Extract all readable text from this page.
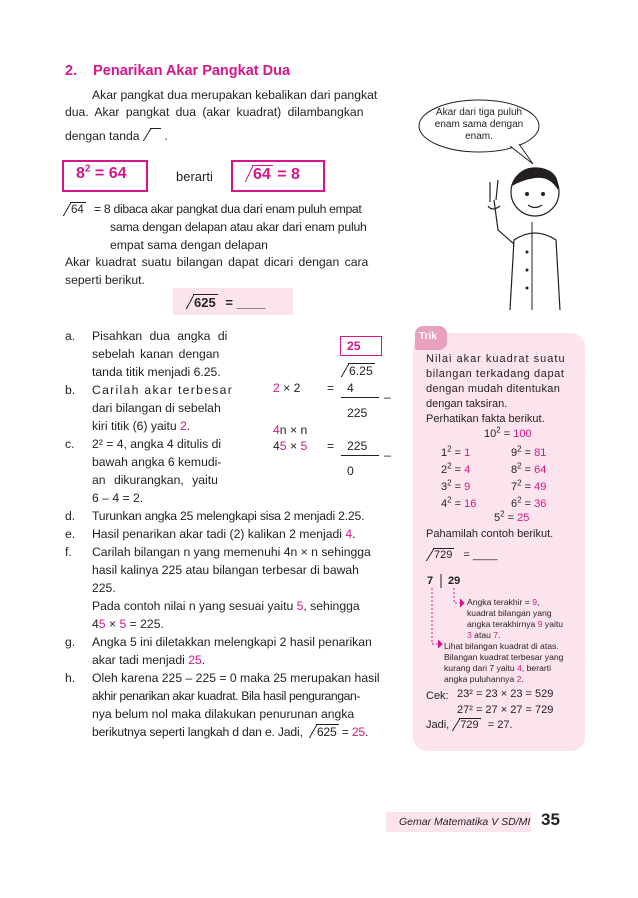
2. Penarikan Akar Pangkat Dua
Akar pangkat dua merupakan kebalikan dari pangkat
dua. Akar pangkat dua (akar kuadrat) dilambangkan
dengan tanda .
Akar dari tiga puluh enam sama dengan enam.
$8^2 = 64$	berarti	64 = 8
64 = 8 dibaca akar pangkat dua dari enam puluh empat
sama dengan delapan atau akar dari enam puluh
empat sama dengan delapan
Akar kuadrat suatu bilangan dapat dicari dengan cara
seperti berikut.
625 = ____
a. Pisahkan dua angka di
sebelah kanan dengan
tanda titik menjadi 6.25.
b. Carilah akar terbesar
dari bilangan di sebelah
kiri titik (6) yaitu 2.
c. 2² = 4, angka 4 ditulis di
bawah angka 6 kemudi-
an dikurangkan, yaitu
6 – 4 = 2.
25
6.25
2 × 2 = 4
–
225
4n × n
45 × 5 = 225
–
0
d. Turunkan angka 25 melengkapi sisa 2 menjadi 2.25.
e. Hasil penarikan akar tadi (2) kalikan 2 menjadi 4.
f. Carilah bilangan n yang memenuhi 4n × n sehingga
hasil kalinya 225 atau bilangan terbesar di bawah
225.
Pada contoh nilai n yang sesuai yaitu 5, sehingga
45 × 5 = 225.
g. Angka 5 ini diletakkan melengkapi 2 hasil penarikan
akar tadi menjadi 25.
h. Oleh karena 225 – 225 = 0 maka 25 merupakan hasil
akhir penarikan akar kuadrat. Bila hasil pengurangan-
nya belum nol maka dilakukan penurunan angka
berikutnya seperti langkah d dan e. Jadi, 625 = 25.
Trik
Nilai akar kuadrat suatu
bilangan terkadang dapat
dengan mudah ditentukan
dengan taksiran.
Perhatikan fakta berikut.
$10^2 = 100$
$1^2 = 1$	$9^2 = 81$
$2^2 = 4$	$8^2 = 64$
$3^2 = 9$	$7^2 = 49$
$4^2 = 16$	$6^2 = 36$
$5^2 = 25$
Pahamilah contoh berikut.
729 = ____
7 29
Angka terakhir = 9,
kuadrat bilangan yang
angka terakhirnya 9 yaitu
3 atau 7.
Lihat bilangan kuadrat di atas.
Bilangan kuadrat terbesar yang
kurang dari 7 yaitu 4, berarti
angka puluhannya 2.
Cek: 23² = 23 × 23 = 529
27² = 27 × 27 = 729
Jadi, 729 = 27.
Gemar Matematika V SD/MI 35
